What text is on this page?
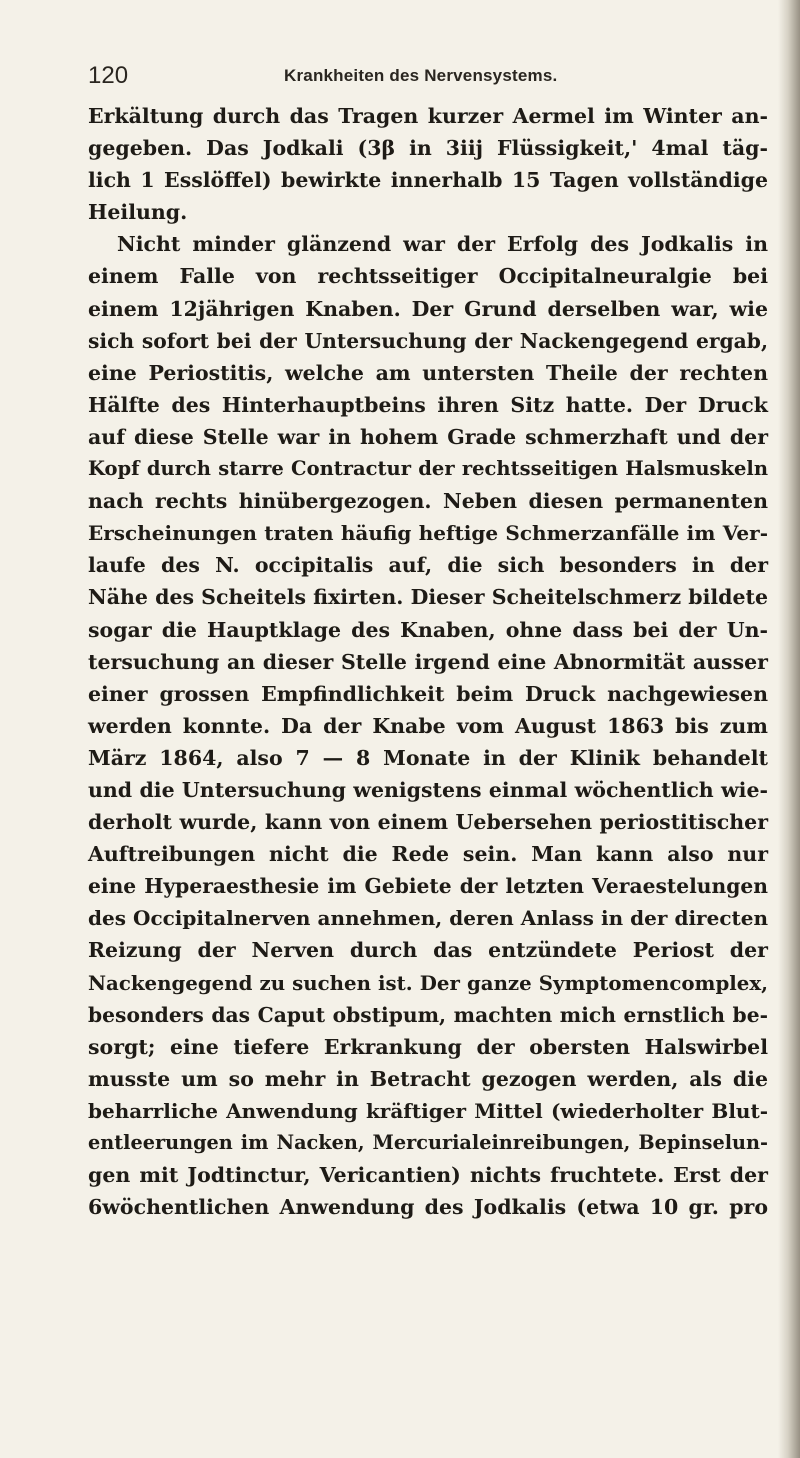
120	Krankheiten des Nervensystems.
Erkältung durch das Tragen kurzer Aermel im Winter an-
gegeben. Das Jodkali (3β in 3iij Flüssigkeit,' 4mal täg-
lich 1 Esslöffel) bewirkte innerhalb 15 Tagen vollständige
Heilung.
Nicht minder glänzend war der Erfolg des Jodkalis in
einem Falle von rechtsseitiger Occipitalneuralgie bei
einem 12jährigen Knaben. Der Grund derselben war, wie
sich sofort bei der Untersuchung der Nackengegend ergab,
eine Periostitis, welche am untersten Theile der rechten
Hälfte des Hinterhauptbeins ihren Sitz hatte. Der Druck
auf diese Stelle war in hohem Grade schmerzhaft und der
Kopf durch starre Contractur der rechtsseitigen Halsmuskeln
nach rechts hinübergezogen. Neben diesen permanenten
Erscheinungen traten häufig heftige Schmerzanfälle im Ver-
laufe des N. occipitalis auf, die sich besonders in der
Nähe des Scheitels fixirten. Dieser Scheitelschmerz bildete
sogar die Hauptklage des Knaben, ohne dass bei der Un-
tersuchung an dieser Stelle irgend eine Abnormität ausser
einer grossen Empfindlichkeit beim Druck nachgewiesen
werden konnte. Da der Knabe vom August 1863 bis zum
März 1864, also 7 — 8 Monate in der Klinik behandelt
und die Untersuchung wenigstens einmal wöchentlich wie-
derholt wurde, kann von einem Uebersehen periostitischer
Auftreibungen nicht die Rede sein. Man kann also nur
eine Hyperaesthesie im Gebiete der letzten Veraestelungen
des Occipitalnerven annehmen, deren Anlass in der directen
Reizung der Nerven durch das entzündete Periost der
Nackengegend zu suchen ist. Der ganze Symptomencomplex,
besonders das Caput obstipum, machten mich ernstlich be-
sorgt; eine tiefere Erkrankung der obersten Halswirbel
musste um so mehr in Betracht gezogen werden, als die
beharrliche Anwendung kräftiger Mittel (wiederholter Blut-
entleerungen im Nacken, Mercurialeinreibungen, Bepinselun-
gen mit Jodtinctur, Vericantien) nichts fruchtete. Erst der
6wöchentlichen Anwendung des Jodkalis (etwa 10 gr. pro
